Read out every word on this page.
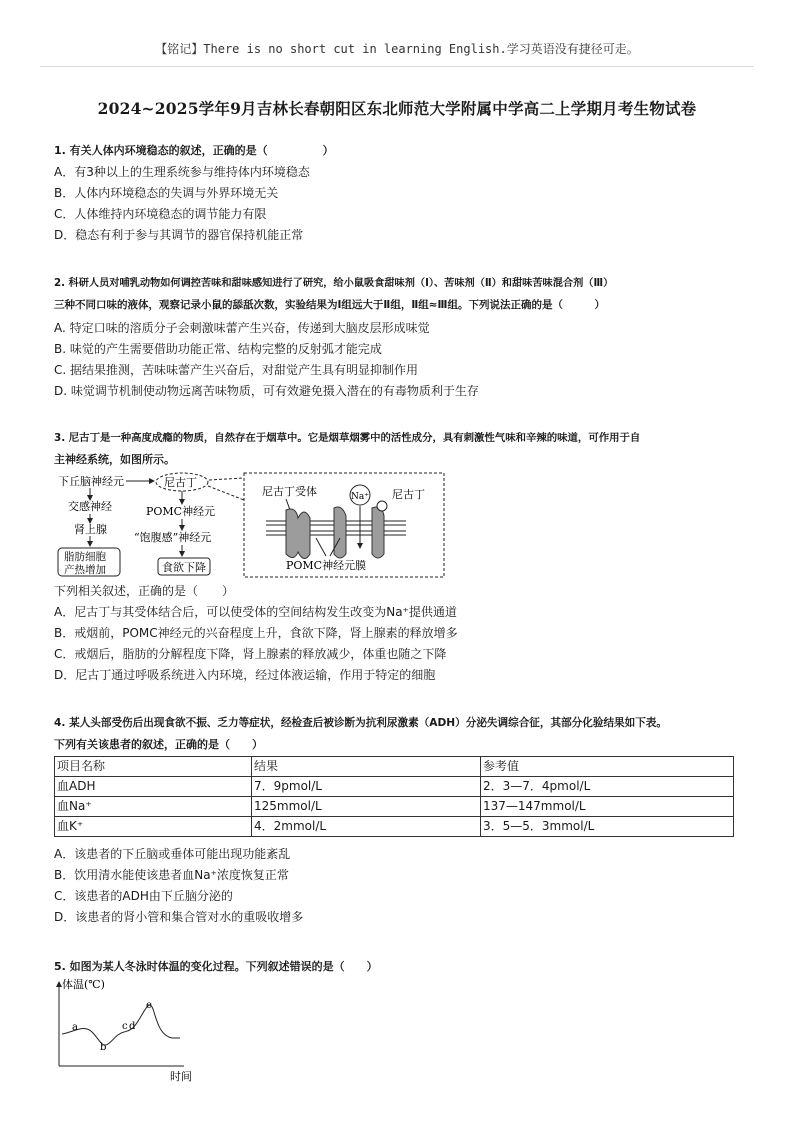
【铭记】There is no short cut in learning English.学习英语没有捷径可走。
2024~2025学年9月吉林长春朝阳区东北师范大学附属中学高二上学期月考生物试卷
1. 有关人体内环境稳态的叙述，正确的是（　　　　　）
A．有3种以上的生理系统参与维持体内环境稳态
B．人体内环境稳态的失调与外界环境无关
C．人体维持内环境稳态的调节能力有限
D．稳态有利于参与其调节的器官保持机能正常
2. 科研人员对哺乳动物如何调控苦味和甜味感知进行了研究，给小鼠吸食甜味剂（Ⅰ）、苦味剂（Ⅱ）和甜味苦味混合剂（Ⅲ）
三种不同口味的液体，观察记录小鼠的舔舐次数，实验结果为Ⅰ组远大于Ⅱ组，Ⅱ组≈Ⅲ组。下列说法正确的是（　　　）
A. 特定口味的溶质分子会刺激味蕾产生兴奋，传递到大脑皮层形成味觉
B. 味觉的产生需要借助功能正常、结构完整的反射弧才能完成
C. 据结果推测，苦味味蕾产生兴奋后，对甜觉产生具有明显抑制作用
D. 味觉调节机制使动物远离苦味物质，可有效避免摄入潜在的有毒物质利于生存
3. 尼古丁是一种高度成瘾的物质，自然存在于烟草中。它是烟草烟雾中的活性成分，具有刺激性气味和辛辣的味道，可作用于自
主神经系统，如图所示。
下丘脑神经元	尼古丁
交感神经
肾上腺
脂肪细胞
产热增加
POMC神经元
“饱腹感”神经元
食欲下降
尼古丁受体	Na⁺ 尼古丁
POMC神经元膜
下列相关叙述，正确的是（　　）
A．尼古丁与其受体结合后，可以使受体的空间结构发生改变为Na⁺提供通道
B．戒烟前，POMC神经元的兴奋程度上升，食欲下降，肾上腺素的释放增多
C．戒烟后，脂肪的分解程度下降，肾上腺素的释放减少，体重也随之下降
D．尼古丁通过呼吸系统进入内环境，经过体液运输，作用于特定的细胞
4. 某人头部受伤后出现食欲不振、乏力等症状，经检查后被诊断为抗利尿激素（ADH）分泌失调综合征，其部分化验结果如下表。
下列有关该患者的叙述，正确的是（　　）
项目名称	结果	参考值
血ADH	7．9pmol/L	2．3—7．4pmol/L
血Na⁺	125mmol/L	137—147mmol/L
血K⁺	4．2mmol/L	3．5—5．3mmol/L
A．该患者的下丘脑或垂体可能出现功能紊乱
B．饮用清水能使该患者血Na⁺浓度恢复正常
C．该患者的ADH由下丘脑分泌的
D．该患者的肾小管和集合管对水的重吸收增多
5. 如图为某人冬泳时体温的变化过程。下列叙述错误的是（　　）
体温(℃)
时间
a
b
c d
e
